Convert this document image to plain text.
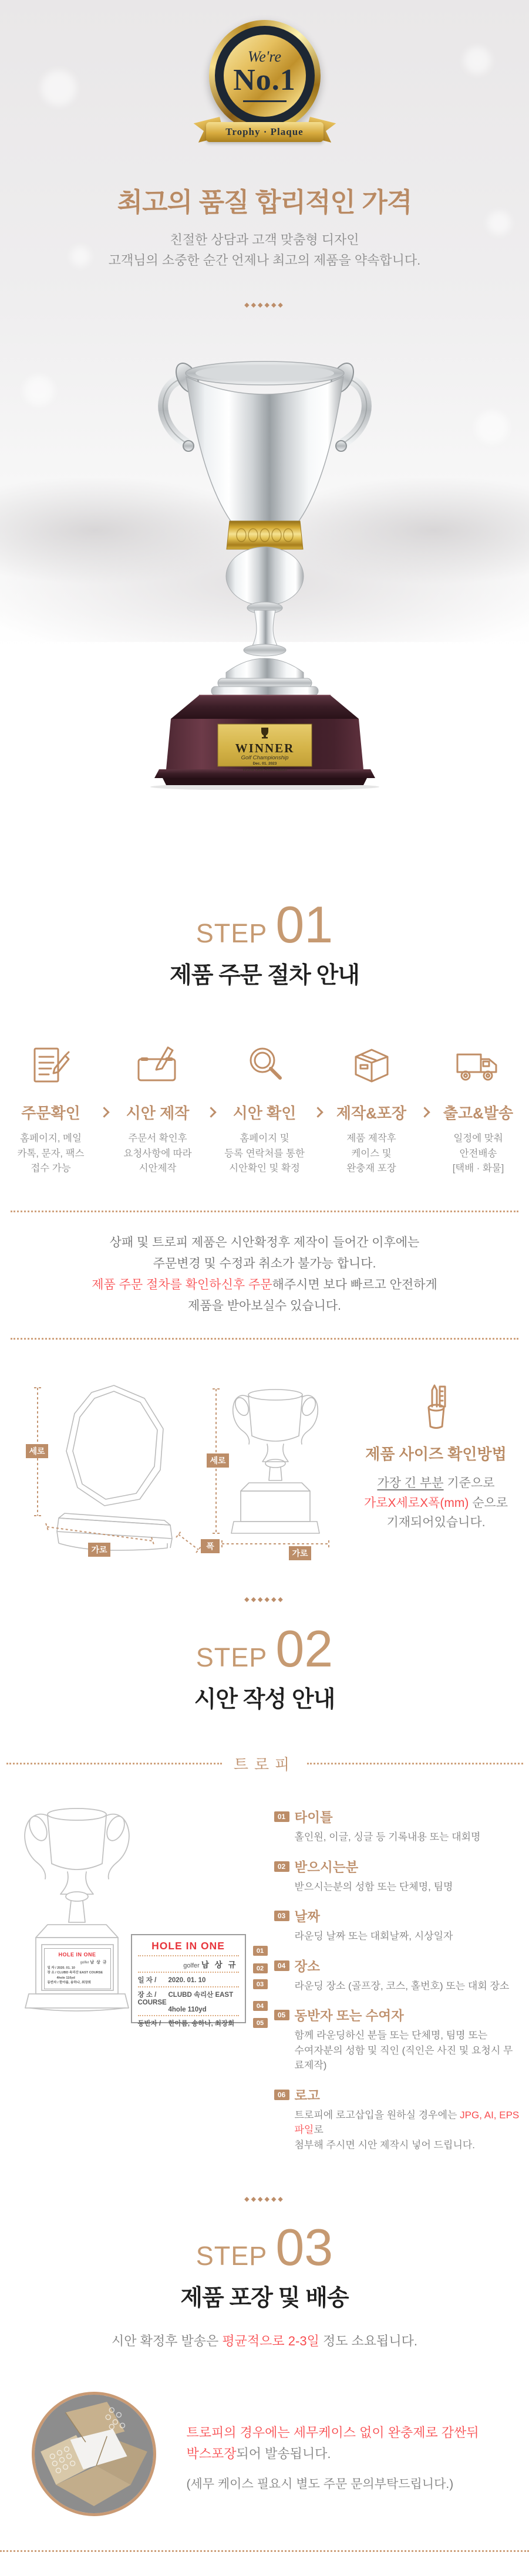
We're
No.1
Trophy · Plaque
최고의 품질 합리적인 가격
친절한 상담과 고객 맞춤형 디자인
고객님의 소중한 순간 언제나 최고의 제품을 약속합니다.
◆◆◆◆◆◆
WINNER
Golf Championship
Dec. 01. 2023
World Golf Association
STEP 01
제품 주문 절차 안내
주문확인
홈페이지, 메일
카톡, 문자, 팩스
접수 가능
시안 제작
주문서 확인후
요청사항에 따라
시안제작
시안 확인
홈페이지 및
등록 연락처를 통한
시안확인 및 확정
제작&포장
제품 제작후
케이스 및
완충재 포장
출고&발송
일정에 맞춰
안전배송
[택배 · 화물]
상패 및 트로피 제품은 시안확정후 제작이 들어간 이후에는
주문변경 및 수정과 취소가 불가능 합니다.
제품 주문 절차를 확인하신후 주문해주시면 보다 빠르고 안전하게
제품을 받아보실수 있습니다.
세로
가로	폭
세로
가로
제품 사이즈 확인방법
가장 긴 부분 기준으로
가로X세로X폭(mm) 순으로
기재되어있습니다.
◆◆◆◆◆◆
STEP 02
시안 작성 안내
트로피
HOLE IN ONE
golfer 남 상 규
일 자 / 2020. 01. 10
장 소 / CLUBD 속리산 EAST COURSE
4hole 110yd
동반자 / 한아름, 송하나, 최장희
HOLE IN ONE
golfer 남 상 규
일 자 / 2020. 01. 10
장 소 / CLUBD 속리산 EAST COURSE
4hole 110yd
동반자 / 한아름, 송하나, 최장희
01
02
03
04
05
01 타이틀
홀인원, 이글, 싱글 등 기록내용 또는 대회명
02 받으시는분
받으시는분의 성함 또는 단체명, 팀명
03 날짜
라운딩 날짜 또는 대회날짜, 시상일자
04 장소
라운딩 장소 (골프장, 코스, 홀번호) 또는 대회 장소
05 동반자 또는 수여자
함께 라운딩하신 분들 또는 단체명, 팀명 또는
수여자분의 성함 및 직인 (직인은 사진 및 요청시 무료제작)
06 로고
트로피에 로고삽입을 원하실 경우에는 JPG, AI, EPS 파일로
첨부해 주시면 시안 제작시 넣어 드립니다.
◆◆◆◆◆◆
STEP 03
제품 포장 및 배송
시안 확정후 발송은 평균적으로 2-3일 정도 소요됩니다.
트로피의 경우에는 세무케이스 없이 완충제로 감싼뒤
박스포장되어 발송됩니다.
(세무 케이스 필요시 별도 주문 문의부탁드립니다.)
